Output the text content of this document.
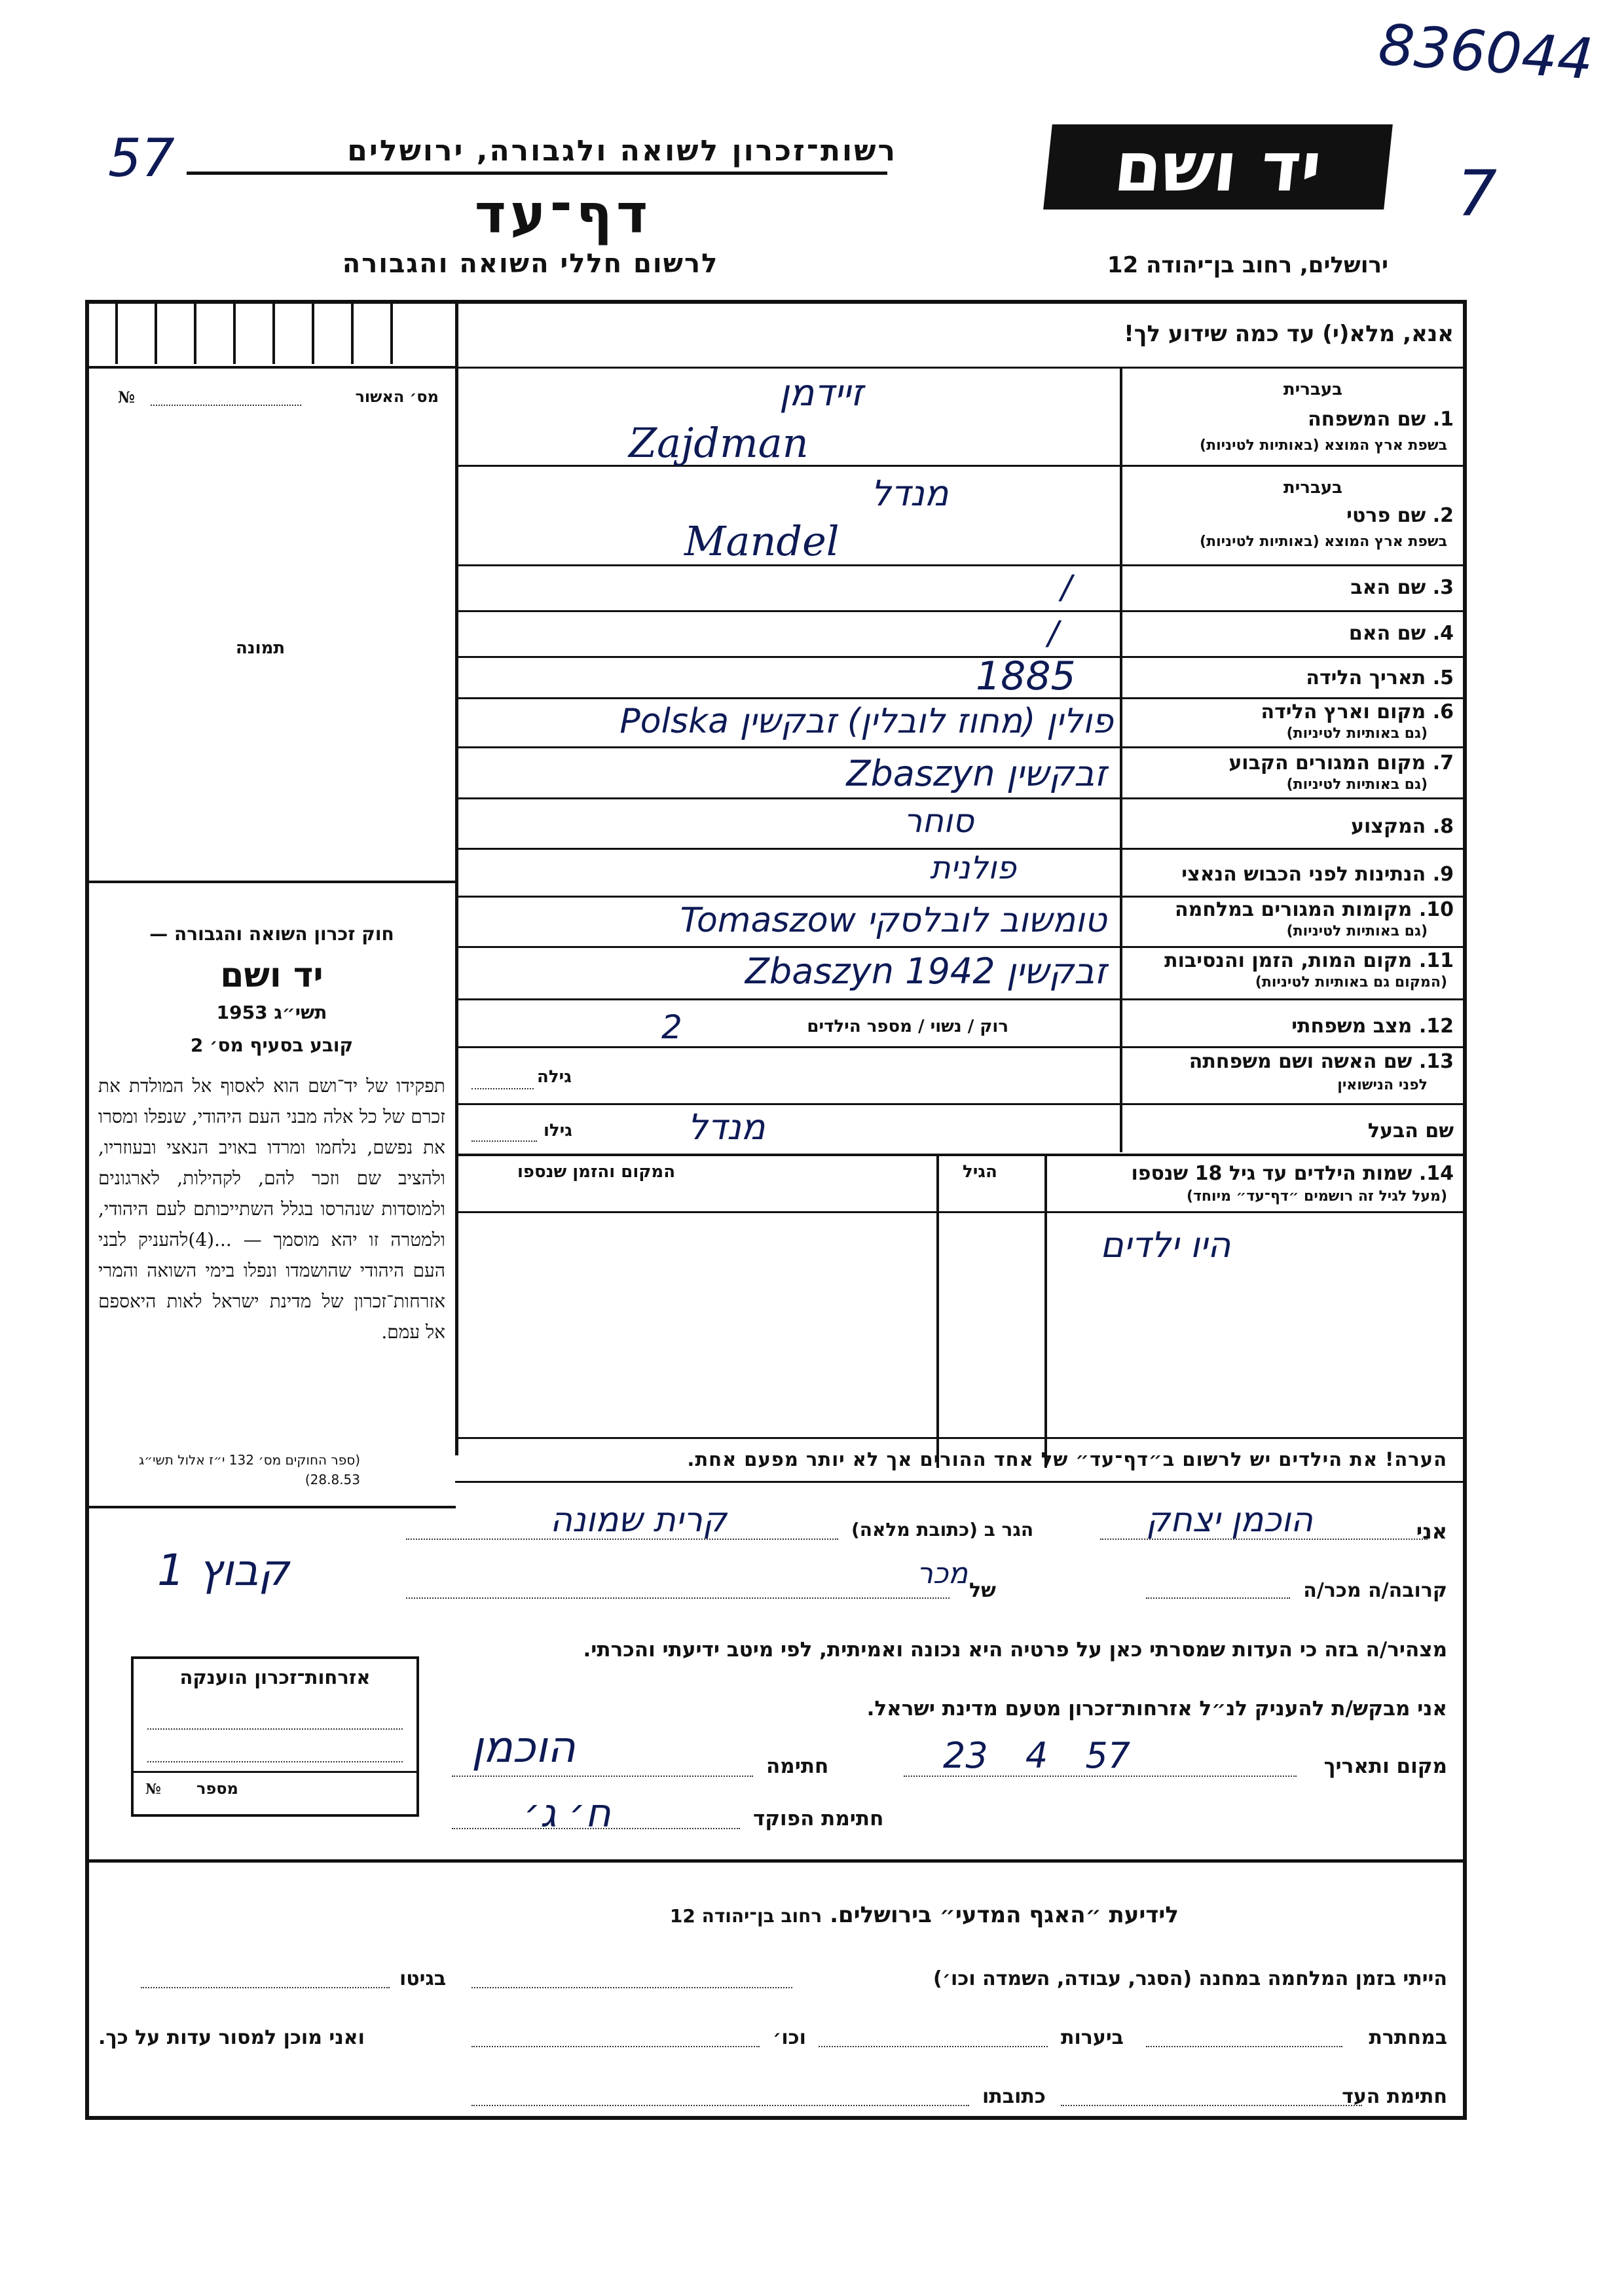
836044
57	7
רשות־זכרון לשואה ולגבורה, ירושלים
דף־עד
לרשום חללי השואה והגבורה
יד ושם
ירושלים, רחוב בן־יהודה 12
אנא, מלא(י) עד כמה שידוע לך!
מס׳ האשור
№
תמונה
חוק זכרון השואה והגבורה —
יד ושם
תשי״ג 1953
קובע בסעיף מס׳ 2
תפקידו של יד־ושם הוא לאסוף אל המולדת את זכרם של כל אלה מבני העם היהודי, שנפלו ומסרו את נפשם, נלחמו ומרדו באויב הנאצי ובעוזריו, ולהציב שם וזכר להם, לקהילות, לארגונים ולמוסדות שנהרסו בגלל השתייכותם לעם היהודי, ולמטרה זו יהא מוסמך — ...(4)להעניק לבני העם היהודי שהושמדו ונפלו בימי השואה והמרי אזרחות־זכרון של מדינת ישראל לאות היאספם אל עמם.
(ספר החוקים מס׳ 132 י״ז אלול תשי״ג 28.8.53)
בעברית
1. שם המשפחה
בשפת ארץ המוצא (באותיות לטיניות)
זיידמן
Zajdman
בעברית
2. שם פרטי
בשפת ארץ המוצא (באותיות לטיניות)
מנדל
Mandel
3. שם האב
/
4. שם האם
/
5. תאריך הלידה
1885
6. מקום וארץ הלידה
(גם באותיות לטיניות)
פולין (מחוז לובלין) זבקשין Polska
7. מקום המגורים הקבוע
(גם באותיות לטיניות)
זבקשין Zbaszyn
8. המקצוע
סוחר
9. הנתינות לפני הכבוש הנאצי
פולנית
10. מקומות המגורים במלחמה
(גם באותיות לטיניות)
טומשוב לובלסקי Tomaszow
11. מקום המות, הזמן והנסיבות
(המקום גם באותיות לטיניות)
זבקשין 1942 Zbaszyn
12. מצב משפחתי
רוק / נשוי / מספר הילדים
2
13. שם האשה ושם משפחתה
לפני הנישואין
גילה
שם הבעל
גילו	מנדל
14. שמות הילדים עד גיל 18 שנספו
(מעל לגיל זה רושמים ״דף־עד״ מיוחד)
הגיל
המקום והזמן שנספו
היו ילדים
הערה! את הילדים יש לרשום ב״דף־עד״ של אחד ההורים אך לא יותר מפעם אחת.
אני
הוכמן יצחק
הגר ב (כתובת מלאה)
קרית שמונה
קבוץ 1	קרובה/ה מכר/ה
מכר
של
מצהיר/ה בזה כי העדות שמסרתי כאן על פרטיה היא נכונה ואמיתית, לפי מיטב ידיעתי והכרתי.
אני מבקש/ת להעניק לנ״ל אזרחות־זכרון מטעם מדינת ישראל.
מקום ותאריך
23 4 57
חתימה
הוכמן
חתימת הפוקד
ח׳ ג׳
אזרחות־זכרון הוענקה
מספר
№
לידיעת ״האגף המדעי״ בירושלים. רחוב בן־יהודה 12
הייתי בזמן המלחמה במחנה (הסגר, עבודה, השמדה וכו׳)
בגיטו
במחתרת
ביערות
וכו׳
ואני מוכן למסור עדות על כך.
חתימת העד
כתובתו
